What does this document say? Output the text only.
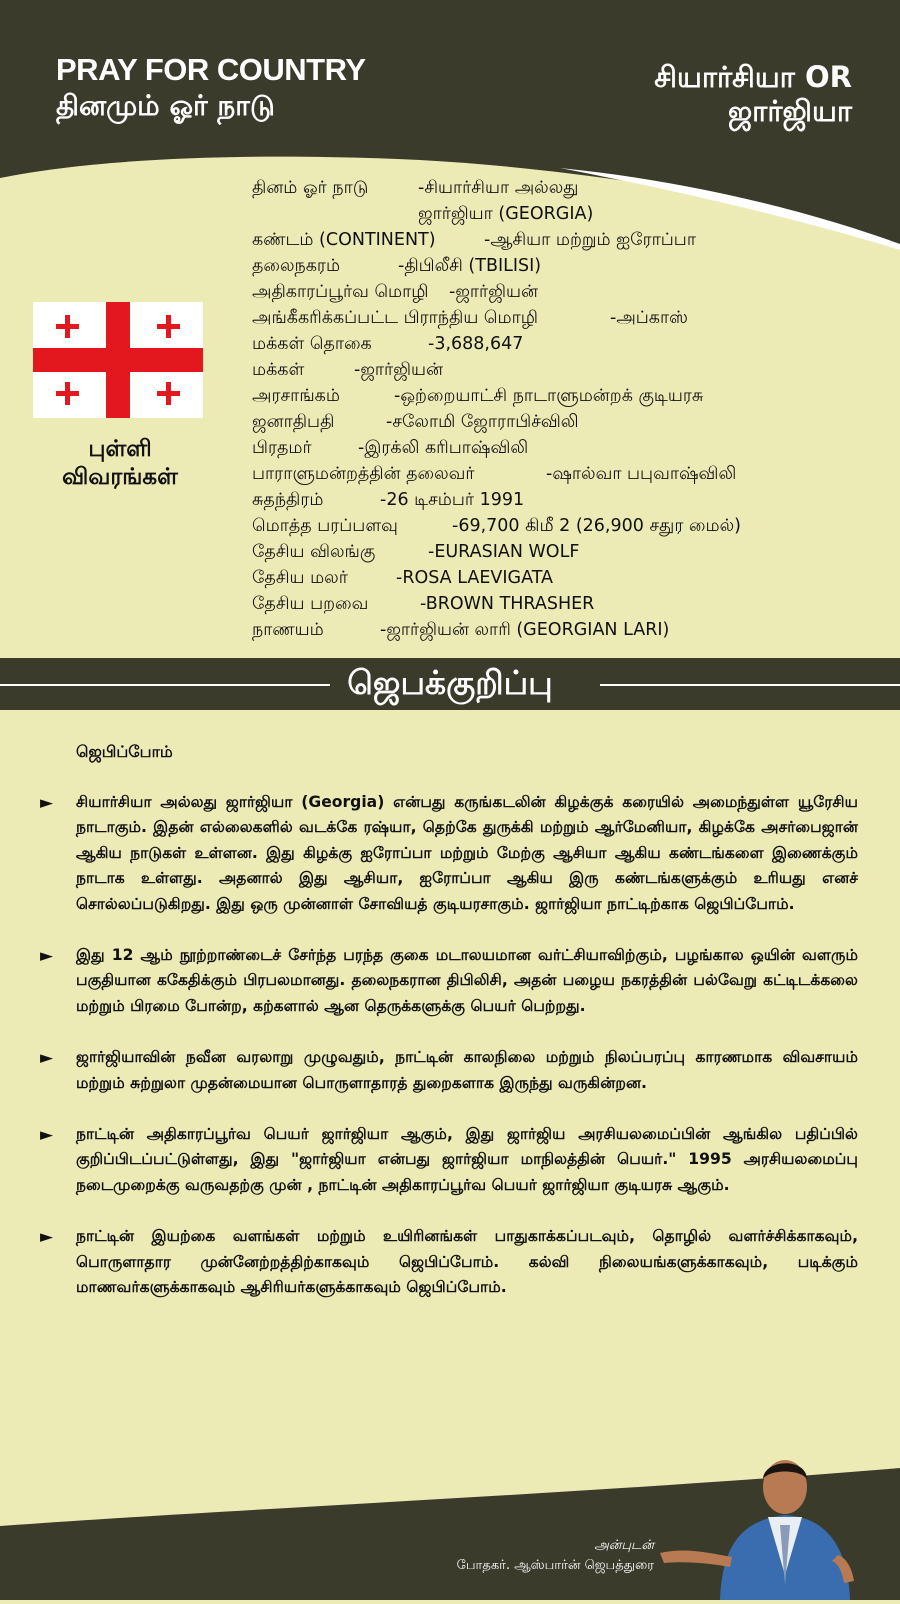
PRAY FOR COUNTRY
தினமும் ஓர் நாடு
சியார்சியா OR
ஜார்ஜியா
புள்ளி
விவரங்கள்
தினம் ஓர் நாடு	-சியார்சியா அல்லது
ஜார்ஜியா (GEORGIA)
கண்டம் (CONTINENT)	-ஆசியா மற்றும் ஐரோப்பா
தலைநகரம்	-திபிலீசி (TBILISI)
அதிகாரப்பூர்வ மொழி	-ஜார்ஜியன்
அங்கீகரிக்கப்பட்ட பிராந்திய மொழி	-அப்காஸ்
மக்கள் தொகை	-3,688,647
மக்கள்	-ஜார்ஜியன்
அரசாங்கம்	-ஒற்றையாட்சி நாடாளுமன்றக் குடியரசு
ஜனாதிபதி	-சலோமி ஜோராபிச்விலி
பிரதமர்	-இரக்லி கரிபாஷ்விலி
பாராளுமன்றத்தின் தலைவர்	-ஷால்வா பபுவாஷ்விலி
சுதந்திரம்	-26 டிசம்பர் 1991
மொத்த பரப்பளவு	-69,700 கிமீ 2 (26,900 சதுர மைல்)
தேசிய விலங்கு	-EURASIAN WOLF
தேசிய மலர்	-ROSA LAEVIGATA
தேசிய பறவை	-BROWN THRASHER
நாணயம்	-ஜார்ஜியன் லாரி (GEORGIAN LARI)
ஜெபக்குறிப்பு
ஜெபிப்போம்
►	சியார்சியா அல்லது ஜார்ஜியா (Georgia) என்பது கருங்கடலின் கிழக்குக் கரையில் அமைந்துள்ள யூரேசிய நாடாகும். இதன் எல்லைகளில் வடக்கே ரஷ்யா, தெற்கே துருக்கி மற்றும் ஆர்மேனியா, கிழக்கே அசர்பைஜான் ஆகிய நாடுகள் உள்ளன. இது கிழக்கு ஐரோப்பா மற்றும் மேற்கு ஆசியா ஆகிய கண்டங்களை இணைக்கும் நாடாக உள்ளது. அதனால் இது ஆசியா, ஐரோப்பா ஆகிய இரு கண்டங்களுக்கும் உரியது எனச் சொல்லப்படுகிறது. இது ஒரு முன்னாள் சோவியத் குடியரசாகும். ஜார்ஜியா நாட்டிற்காக ஜெபிப்போம்.
►	இது 12 ஆம் நூற்றாண்டைச் சேர்ந்த பரந்த குகை மடாலயமான வர்ட்சியாவிற்கும், பழங்கால ஒயின் வளரும் பகுதியான ககேதிக்கும் பிரபலமானது. தலைநகரான திபிலிசி, அதன் பழைய நகரத்தின் பல்வேறு கட்டிடக்கலை மற்றும் பிரமை போன்ற, கற்களால் ஆன தெருக்களுக்கு பெயர் பெற்றது.
►	ஜார்ஜியாவின் நவீன வரலாறு முழுவதும், நாட்டின் காலநிலை மற்றும் நிலப்பரப்பு காரணமாக விவசாயம் மற்றும் சுற்றுலா முதன்மையான பொருளாதாரத் துறைகளாக இருந்து வருகின்றன.
►	நாட்டின் அதிகாரப்பூர்வ பெயர் ஜார்ஜியா ஆகும், இது ஜார்ஜிய அரசியலமைப்பின் ஆங்கில பதிப்பில் குறிப்பிடப்பட்டுள்ளது, இது "ஜார்ஜியா என்பது ஜார்ஜியா மாநிலத்தின் பெயர்." 1995 அரசியலமைப்பு நடைமுறைக்கு வருவதற்கு முன் , நாட்டின் அதிகாரப்பூர்வ பெயர் ஜார்ஜியா குடியரசு ஆகும்.
►	நாட்டின் இயற்கை வளங்கள் மற்றும் உயிரினங்கள் பாதுகாக்கப்படவும், தொழில் வளர்ச்சிக்காகவும், பொருளாதார முன்னேற்றத்திற்காகவும் ஜெபிப்போம். கல்வி நிலையங்களுக்காகவும், படிக்கும் மாணவர்களுக்காகவும் ஆசிரியர்களுக்காகவும் ஜெபிப்போம்.
அன்புடன்
போதகர். ஆஸ்பார்ன் ஜெபத்துரை
